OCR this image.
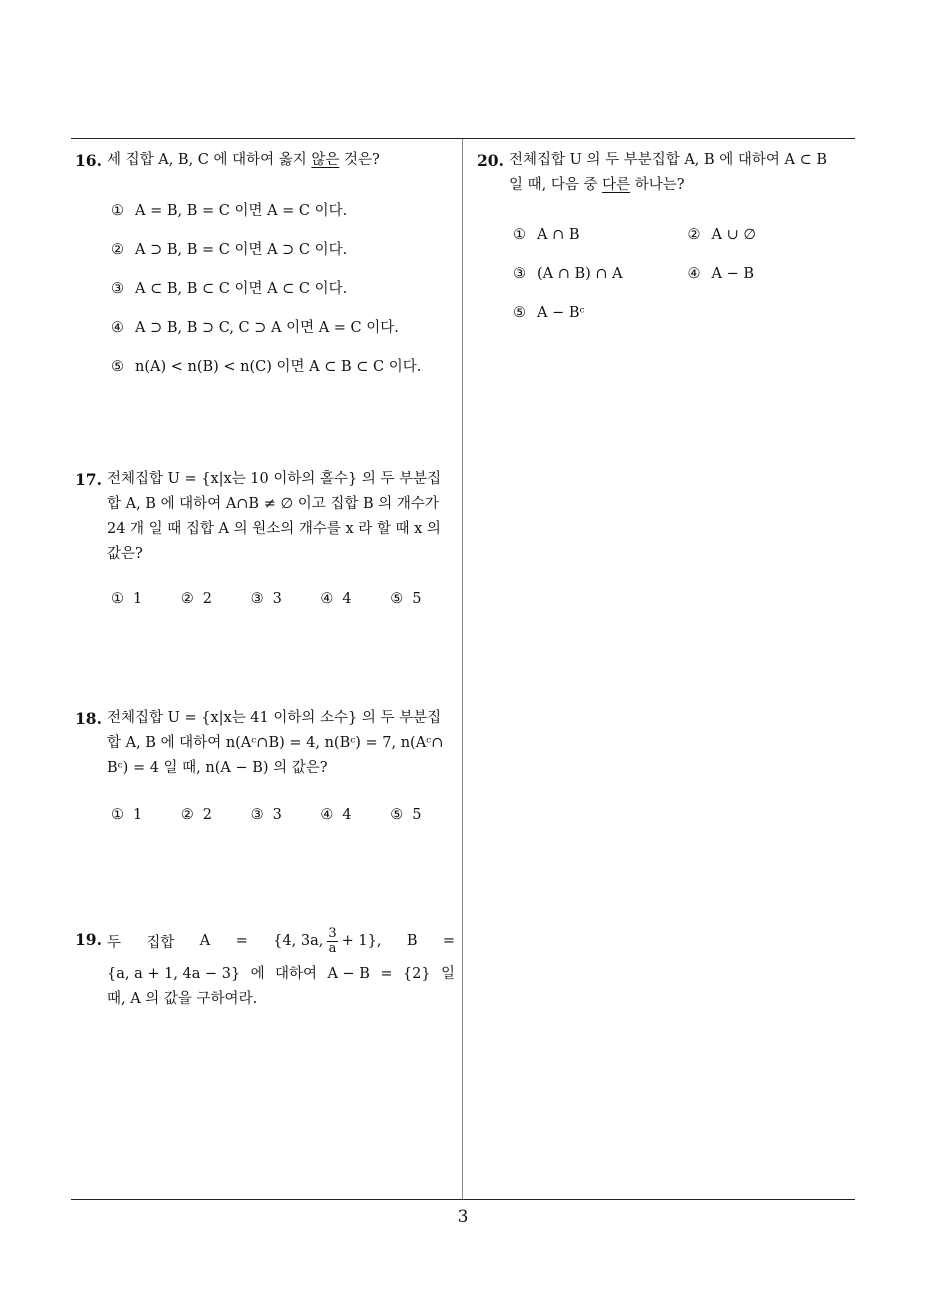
16. 세 집합 A, B, C 에 대하여 옳지 않은 것은?
① A = B, B = C 이면 A = C 이다.
② A ⊃ B, B = C 이면 A ⊃ C 이다.
③ A ⊂ B, B ⊂ C 이면 A ⊂ C 이다.
④ A ⊃ B, B ⊃ C, C ⊃ A 이면 A = C 이다.
⑤ n(A) < n(B) < n(C) 이면 A ⊂ B ⊂ C 이다.
17. 전체집합 U = {x|x는 10 이하의 홀수} 의 두 부분집
합 A, B 에 대하여 A∩B ≠ ∅ 이고 집합 B 의 개수가
24 개 일 때 집합 A 의 원소의 개수를 x 라 할 때 x 의
값은?
① 1	② 2	③ 3	④ 4	⑤ 5
18. 전체집합 U = {x|x는 41 이하의 소수} 의 두 부분집
합 A, B 에 대하여 n(Aᶜ∩B) = 4, n(Bᶜ) = 7, n(Aᶜ∩
Bᶜ) = 4 일 때, n(A − B) 의 값은?
① 1	② 2	③ 3	④ 4	⑤ 5
19. 두 집합 A = {4, 3a, 3
a + 1}, B =
{a, a + 1, 4a − 3} 에 대하여 A − B = {2} 일
때, A 의 값을 구하여라.
20. 전체집합 U 의 두 부분집합 A, B 에 대하여 A ⊂ B
일 때, 다음 중 다른 하나는?
① A ∩ B	② A ∪ ∅
③ (A ∩ B) ∩ A	④ A − B
⑤ A − Bᶜ
3
